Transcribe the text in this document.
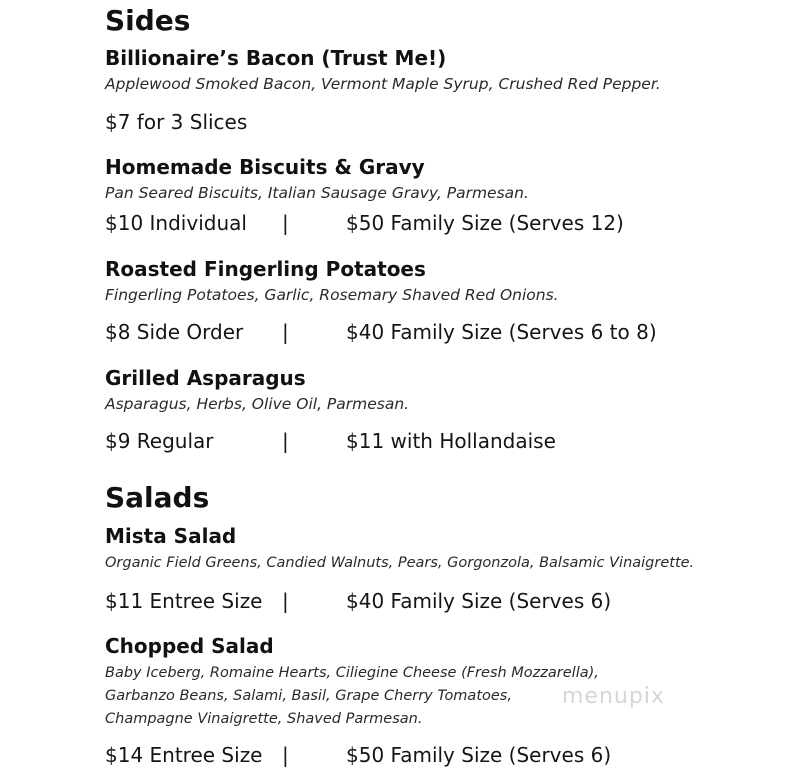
Sides
Billionaire’s Bacon (Trust Me!)
Applewood Smoked Bacon, Vermont Maple Syrup, Crushed Red Pepper.
$7 for 3 Slices
Homemade Biscuits & Gravy
Pan Seared Biscuits, Italian Sausage Gravy, Parmesan.
$10 Individual |	$50 Family Size (Serves 12)
Roasted Fingerling Potatoes
Fingerling Potatoes, Garlic, Rosemary Shaved Red Onions.
$8 Side Order |	$40 Family Size (Serves 6 to 8)
Grilled Asparagus
Asparagus, Herbs, Olive Oil, Parmesan.
$9 Regular	|	$11 with Hollandaise
Salads
Mista Salad
Organic Field Greens, Candied Walnuts, Pears, Gorgonzola, Balsamic Vinaigrette.
$11 Entree Size |	$40 Family Size (Serves 6)
Chopped Salad
Baby Iceberg, Romaine Hearts, Ciliegine Cheese (Fresh Mozzarella),
Garbanzo Beans, Salami, Basil, Grape Cherry Tomatoes,
Champagne Vinaigrette, Shaved Parmesan.
$14 Entree Size |	$50 Family Size (Serves 6)
menupix
